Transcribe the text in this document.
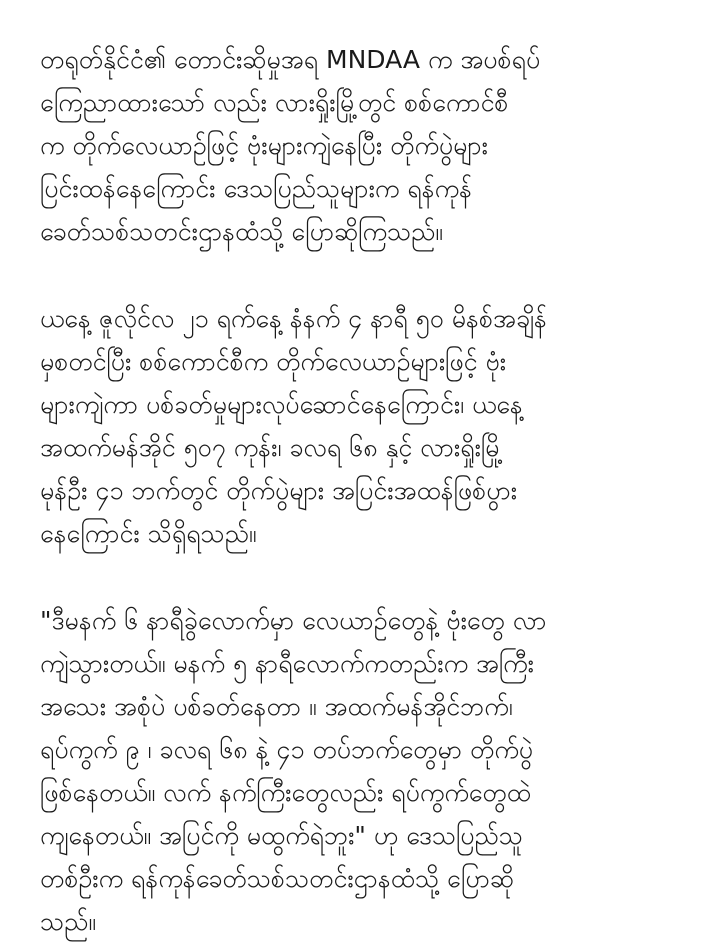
တရုတ်နိုင်ငံ၏ တောင်းဆိုမှုအရ MNDAA က အပစ်ရပ်
ကြေညာထားသော် လည်း လားရှိုးမြို့တွင် စစ်ကောင်စီ
က တိုက်လေယာဉ်ဖြင့် ဗုံးများကျဲနေပြီး တိုက်ပွဲများ
ပြင်းထန်နေကြောင်း ဒေသပြည်သူများက ရန်ကုန်
ခေတ်သစ်သတင်းဌာနထံသို့ ပြောဆိုကြသည်။

ယနေ့ ဇူလိုင်လ ၂၁ ရက်နေ့ နံနက် ၄ နာရီ ၅၀ မိနစ်အချိန်
မှစတင်ပြီး စစ်ကောင်စီက တိုက်လေယာဉ်များဖြင့် ဗုံး
များကျဲကာ ပစ်ခတ်မှုများလုပ်ဆောင်နေကြောင်း၊ ယနေ့
အထက်မန်အိုင် ၅၀၇ ကုန်း၊ ခလရ ၆၈ နှင့် လားရှိုးမြို့
မုန်ဦး ၄၁ ဘက်တွင် တိုက်ပွဲများ အပြင်းအထန်ဖြစ်ပွား
နေကြောင်း သိရှိရသည်။

"ဒီမနက် ၆ နာရီခွဲလောက်မှာ လေယာဉ်တွေနဲ့ ဗုံးတွေ လာ
ကျဲသွားတယ်။ မနက် ၅ နာရီလောက်ကတည်းက အကြီး
အသေး အစုံပဲ ပစ်ခတ်နေတာ ။ အထက်မန်အိုင်ဘက်၊
ရပ်ကွက် ၉ ၊ ခလရ ၆၈ နဲ့ ၄၁ တပ်ဘက်တွေမှာ တိုက်ပွဲ
ဖြစ်နေတယ်။ လက် နက်ကြီးတွေလည်း ရပ်ကွက်တွေထဲ
ကျနေတယ်။ အပြင်ကို မထွက်ရဲဘူး" ဟု ဒေသပြည်သူ
တစ်ဦးက ရန်ကုန်ခေတ်သစ်သတင်းဌာနထံသို့ ပြောဆို
သည်။
